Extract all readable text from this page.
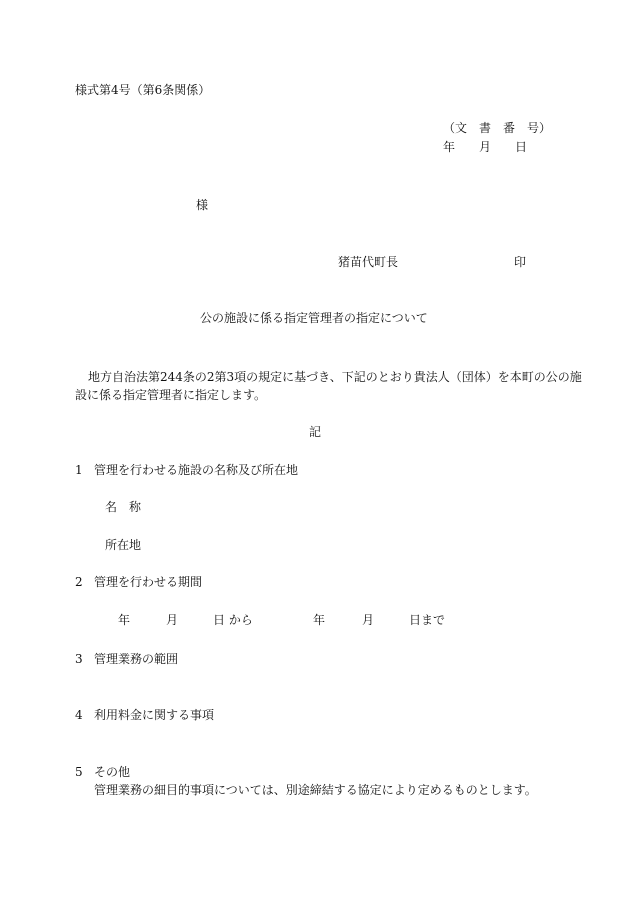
様式第4号（第6条関係）
（文　書　番　号）
年　　月　　日
様
猪苗代町長	印
公の施設に係る指定管理者の指定について
地方自治法第244条の2第3項の規定に基づき、下記のとおり貴法人（団体）を本町の公の施
設に係る指定管理者に指定します。
記
1 管理を行わせる施設の名称及び所在地
名　称
所在地
2 管理を行わせる期間
年	月	日 から	年	月	日まで
3 管理業務の範囲
4 利用料金に関する事項
5 その他
管理業務の細目的事項については、別途締結する協定により定めるものとします。
